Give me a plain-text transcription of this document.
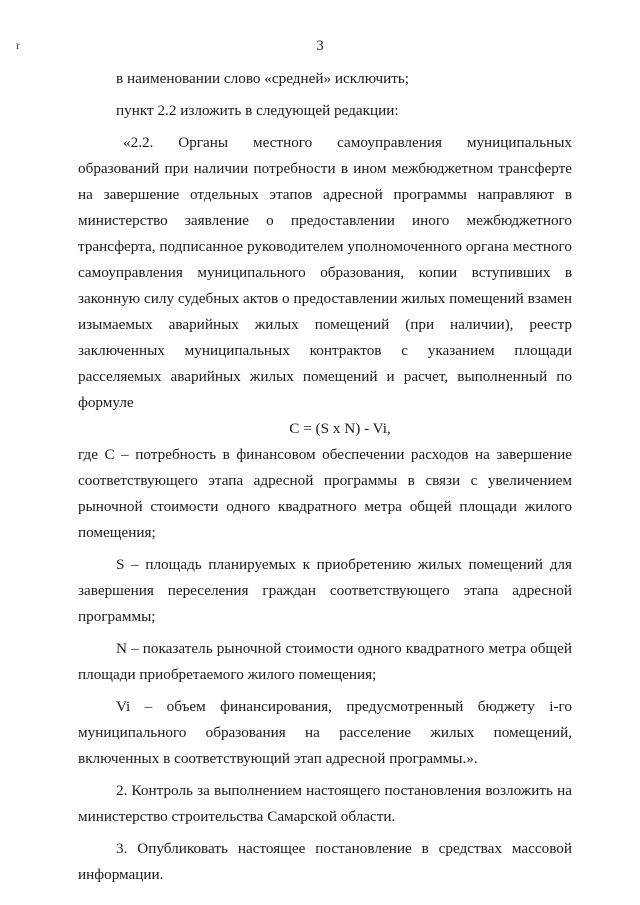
r	3

в наименовании слово «средней» исключить;

пункт 2.2 изложить в следующей редакции:

«2.2. Органы местного самоуправления муниципальных образований при наличии потребности в ином межбюджетном трансферте на завершение отдельных этапов адресной программы направляют в министерство заявление о предоставлении иного межбюджетного трансферта, подписанное руководителем уполномоченного органа местного самоуправления муниципального образования, копии вступивших в законную силу судебных актов о предоставлении жилых помещений взамен изымаемых аварийных жилых помещений (при наличии), реестр заключенных муниципальных контрактов с указанием площади расселяемых аварийных жилых помещений и расчет, выполненный по формуле

C = (S x N) - Vi,

где C – потребность в финансовом обеспечении расходов на завершение соответствующего этапа адресной программы в связи с увеличением рыночной стоимости одного квадратного метра общей площади жилого помещения;

S – площадь планируемых к приобретению жилых помещений для завершения переселения граждан соответствующего этапа адресной программы;

N – показатель рыночной стоимости одного квадратного метра общей площади приобретаемого жилого помещения;

Vi – объем финансирования, предусмотренный бюджету i-го муниципального образования на расселение жилых помещений, включенных в соответствующий этап адресной программы.».

2. Контроль за выполнением настоящего постановления возложить на министерство строительства Самарской области.

3. Опубликовать настоящее постановление в средствах массовой информации.
